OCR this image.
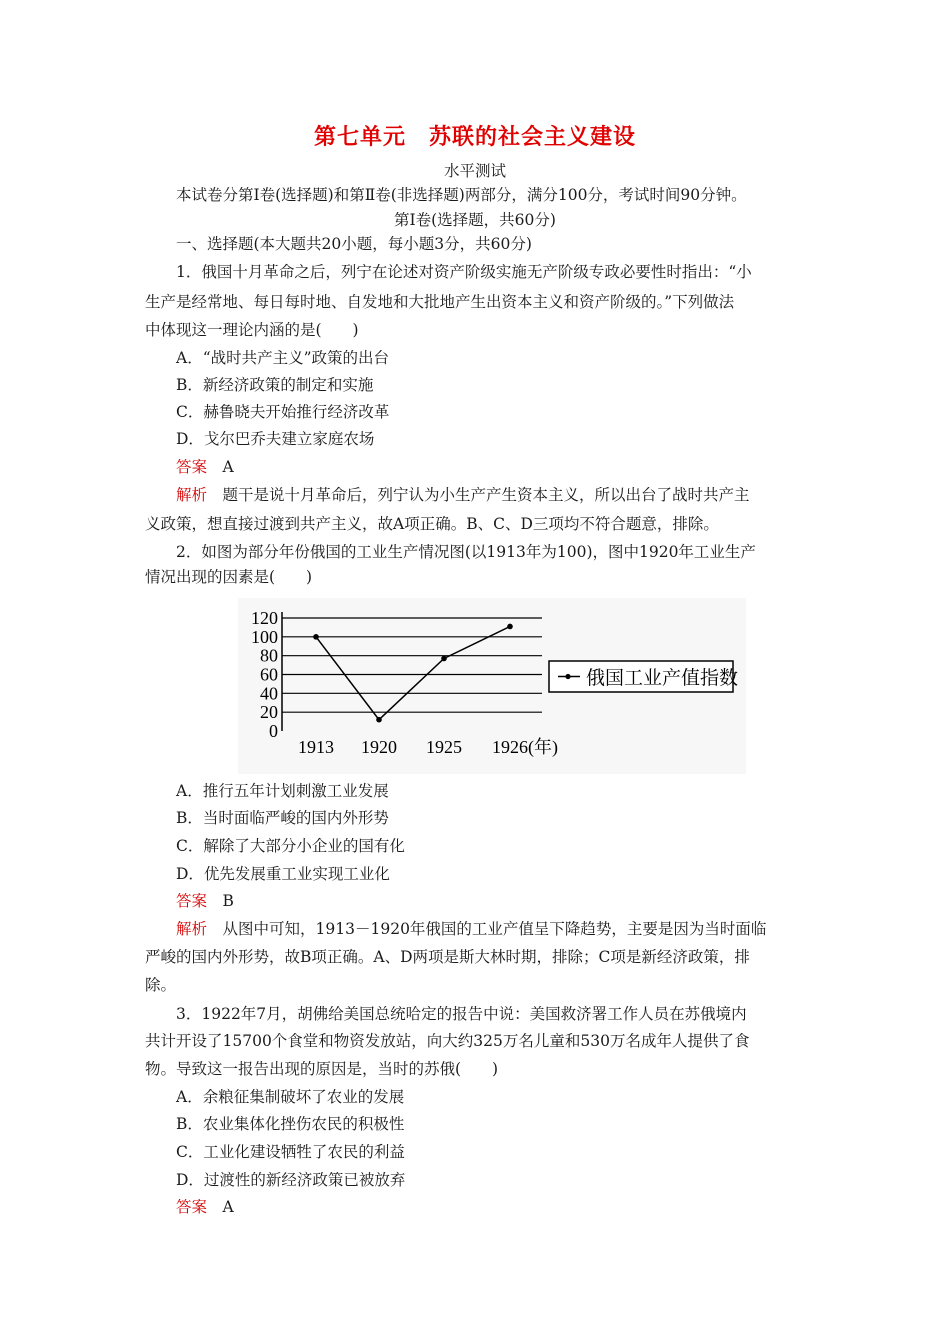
第七单元　苏联的社会主义建设
水平测试
本试卷分第Ⅰ卷(选择题)和第Ⅱ卷(非选择题)两部分，满分100分，考试时间90分钟。
第Ⅰ卷(选择题，共60分)
一、选择题(本大题共20小题，每小题3分，共60分)
1．俄国十月革命之后，列宁在论述对资产阶级实施无产阶级专政必要性时指出：“小
生产是经常地、每日每时地、自发地和大批地产生出资本主义和资产阶级的。”下列做法
中体现这一理论内涵的是(　　)
A．“战时共产主义”政策的出台
B．新经济政策的制定和实施
C．赫鲁晓夫开始推行经济改革
D．戈尔巴乔夫建立家庭农场
答案　 A
解析　 题干是说十月革命后，列宁认为小生产产生资本主义，所以出台了战时共产主
义政策，想直接过渡到共产主义，故A项正确。B、C、D三项均不符合题意，排除。
2．如图为部分年份俄国的工业生产情况图(以1913年为100)，图中1920年工业生产
情况出现的因素是(　　)
0
20
40
60
80
100
120
1913 1920 1925 1926 (年)
俄国工业产值指数
A．推行五年计划刺激工业发展
B．当时面临严峻的国内外形势
C．解除了大部分小企业的国有化
D．优先发展重工业实现工业化
答案　 B
解析　 从图中可知，1913－1920年俄国的工业产值呈下降趋势，主要是因为当时面临
严峻的国内外形势，故B项正确。A、D两项是斯大林时期，排除；C项是新经济政策，排
除。
3．1922年7月，胡佛给美国总统哈定的报告中说：美国救济署工作人员在苏俄境内
共计开设了15700个食堂和物资发放站，向大约325万名儿童和530万名成年人提供了食
物。导致这一报告出现的原因是，当时的苏俄(　　)
A．余粮征集制破坏了农业的发展
B．农业集体化挫伤农民的积极性
C．工业化建设牺牲了农民的利益
D．过渡性的新经济政策已被放弃
答案　 A
